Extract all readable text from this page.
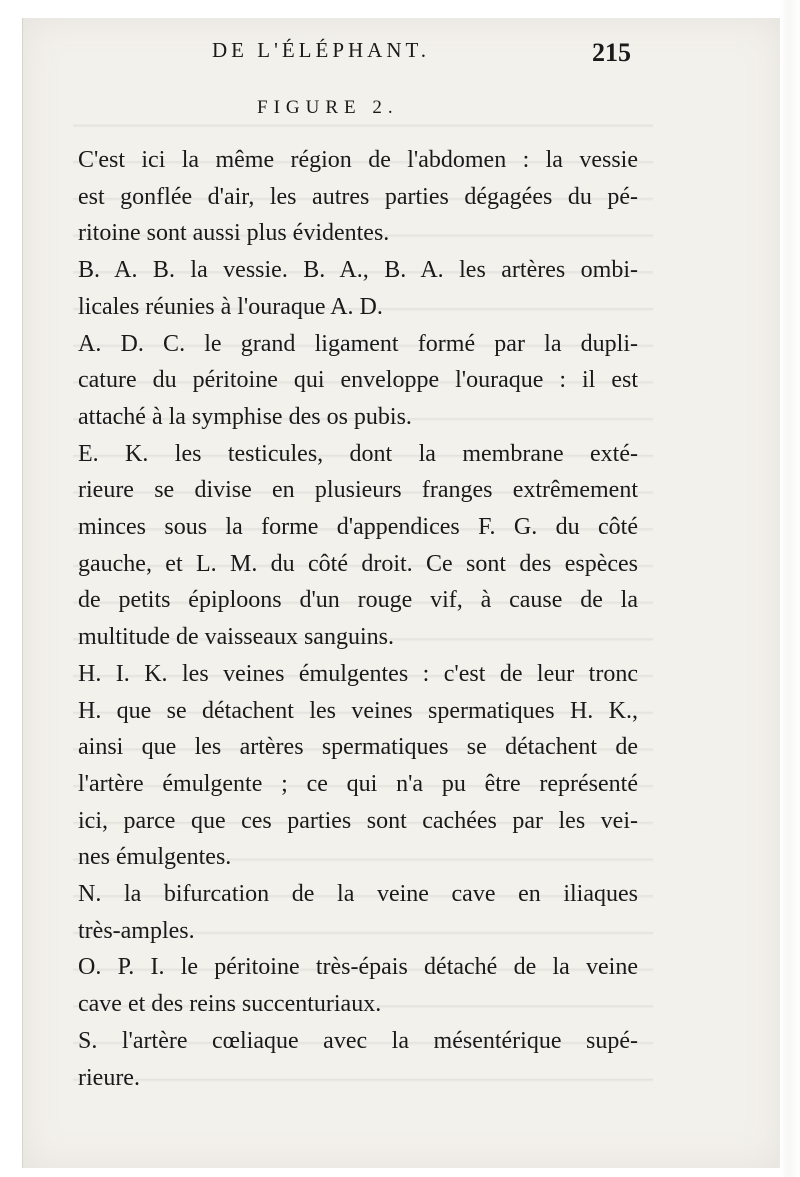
DE L'ÉLÉPHANT.	215
FIGURE 2.

C'est ici la même région de l'abdomen : la vessie
est gonflée d'air, les autres parties dégagées du pé-
ritoine sont aussi plus évidentes.

B. A. B. la vessie. B. A., B. A. les artères ombi-
licales réunies à l'ouraque A. D.

A. D. C. le grand ligament formé par la dupli-
cature du péritoine qui enveloppe l'ouraque : il est
attaché à la symphise des os pubis.

E. K. les testicules, dont la membrane exté-
rieure se divise en plusieurs franges extrêmement
minces sous la forme d'appendices F. G. du côté
gauche, et L. M. du côté droit. Ce sont des espèces
de petits épiploons d'un rouge vif, à cause de la
multitude de vaisseaux sanguins.

H. I. K. les veines émulgentes : c'est de leur tronc
H. que se détachent les veines spermatiques H. K.,
ainsi que les artères spermatiques se détachent de
l'artère émulgente ; ce qui n'a pu être représenté
ici, parce que ces parties sont cachées par les vei-
nes émulgentes.

N. la bifurcation de la veine cave en iliaques
très-amples.

O. P. I. le péritoine très-épais détaché de la veine
cave et des reins succenturiaux.

S. l'artère cœliaque avec la mésentérique supé-
rieure.
